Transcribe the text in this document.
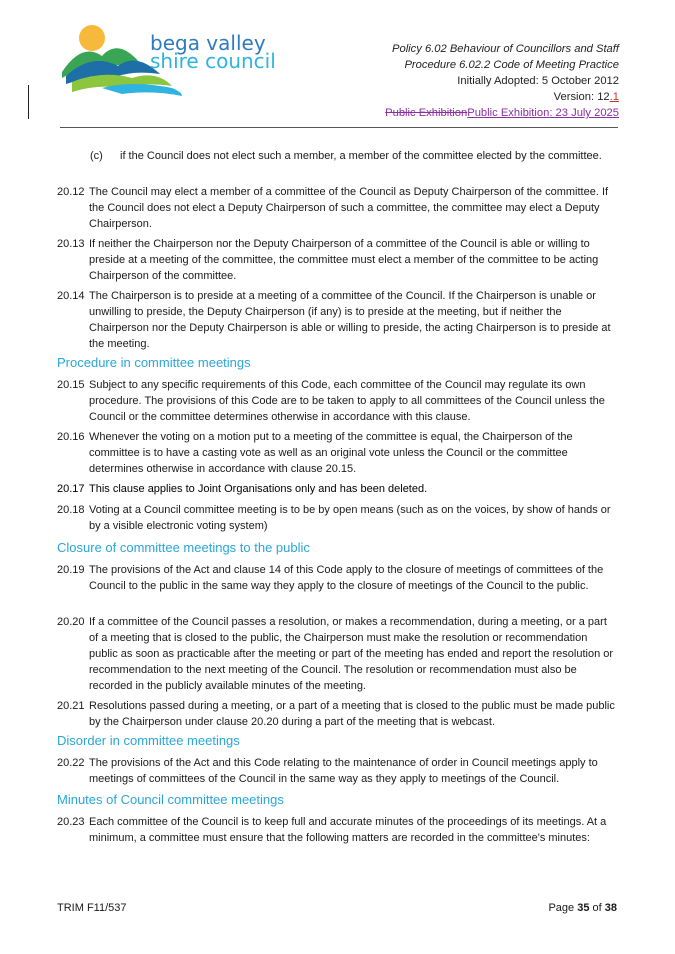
bega valley
shire council	Policy 6.02 Behaviour of Councillors and Staff
Procedure 6.02.2 Code of Meeting Practice
Initially Adopted: 5 October 2012
Version: 12.1
Public ExhibitionPublic Exhibition: 23 July 2025
(c)	if the Council does not elect such a member, a member of the committee elected by the committee.
20.12 The Council may elect a member of a committee of the Council as Deputy Chairperson of the committee. If the Council does not elect a Deputy Chairperson of such a committee, the committee may elect a Deputy Chairperson.
20.13 If neither the Chairperson nor the Deputy Chairperson of a committee of the Council is able or willing to preside at a meeting of the committee, the committee must elect a member of the committee to be acting Chairperson of the committee.
20.14 The Chairperson is to preside at a meeting of a committee of the Council. If the Chairperson is unable or unwilling to preside, the Deputy Chairperson (if any) is to preside at the meeting, but if neither the Chairperson nor the Deputy Chairperson is able or willing to preside, the acting Chairperson is to preside at the meeting.
Procedure in committee meetings
20.15 Subject to any specific requirements of this Code, each committee of the Council may regulate its own procedure. The provisions of this Code are to be taken to apply to all committees of the Council unless the Council or the committee determines otherwise in accordance with this clause.
20.16 Whenever the voting on a motion put to a meeting of the committee is equal, the Chairperson of the committee is to have a casting vote as well as an original vote unless the Council or the committee determines otherwise in accordance with clause 20.15.
20.17 This clause applies to Joint Organisations only and has been deleted.
20.18 Voting at a Council committee meeting is to be by open means (such as on the voices, by show of hands or by a visible electronic voting system)
Closure of committee meetings to the public
20.19 The provisions of the Act and clause 14 of this Code apply to the closure of meetings of committees of the Council to the public in the same way they apply to the closure of meetings of the Council to the public.
20.20 If a committee of the Council passes a resolution, or makes a recommendation, during a meeting, or a part of a meeting that is closed to the public, the Chairperson must make the resolution or recommendation public as soon as practicable after the meeting or part of the meeting has ended and report the resolution or recommendation to the next meeting of the Council. The resolution or recommendation must also be recorded in the publicly available minutes of the meeting.
20.21 Resolutions passed during a meeting, or a part of a meeting that is closed to the public must be made public by the Chairperson under clause 20.20 during a part of the meeting that is webcast.
Disorder in committee meetings
20.22 The provisions of the Act and this Code relating to the maintenance of order in Council meetings apply to meetings of committees of the Council in the same way as they apply to meetings of the Council.
Minutes of Council committee meetings
20.23 Each committee of the Council is to keep full and accurate minutes of the proceedings of its meetings. At a minimum, a committee must ensure that the following matters are recorded in the committee's minutes:
TRIM F11/537	Page 35 of 38
